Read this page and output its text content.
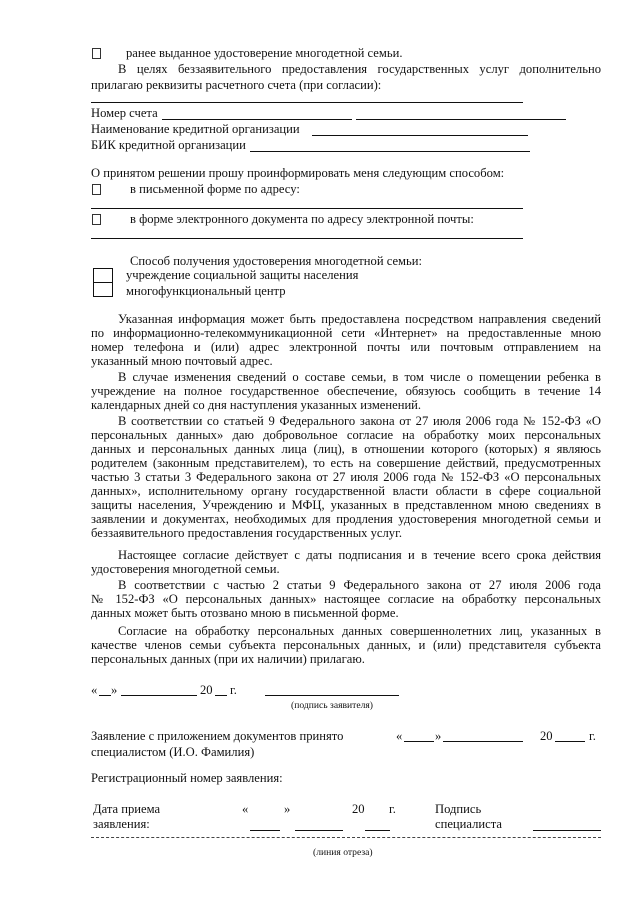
ранее выданное удостоверение многодетной семьи.
В целях беззаявительного предоставления государственных услуг дополнительно
прилагаю реквизиты расчетного счета (при согласии):
Номер счета
Наименование кредитной организации
БИК кредитной организации
О принятом решении прошу проинформировать меня следующим способом:
в письменной форме по адресу:
в форме электронного документа по адресу электронной почты:
Способ получения удостоверения многодетной семьи:
учреждение социальной защиты населения
многофункциональный центр
Указанная информация может быть предоставлена посредством направления сведений
по информационно-телекоммуникационной сети «Интернет» на предоставленные мною
номер телефона и (или) адрес электронной почты или почтовым отправлением на
указанный мною почтовый адрес.
В случае изменения сведений о составе семьи, в том числе о помещении ребенка в
учреждение на полное государственное обеспечение, обязуюсь сообщить в течение 14
календарных дней со дня наступления указанных изменений.
В соответствии со статьей 9 Федерального закона от 27 июля 2006 года № 152-ФЗ «О
персональных данных» даю добровольное согласие на обработку моих персональных
данных и персональных данных лица (лиц), в отношении которого (которых) я являюсь
родителем (законным представителем), то есть на совершение действий, предусмотренных
частью 3 статьи 3 Федерального закона от 27 июля 2006 года № 152-ФЗ «О персональных
данных», исполнительному органу государственной власти области в сфере социальной
защиты населения, Учреждению и МФЦ, указанных в представленном мною сведениях в
заявлении и документах, необходимых для продления удостоверения многодетной семьи и
беззаявительного предоставления государственных услуг.
Настоящее согласие действует с даты подписания и в течение всего срока действия
удостоверения многодетной семьи.
В соответствии с частью 2 статьи 9 Федерального закона от 27 июля 2006 года
№ 152-ФЗ «О персональных данных» настоящее согласие на обработку персональных
данных может быть отозвано мною в письменной форме.
Согласие на обработку персональных данных совершеннолетних лиц, указанных в
качестве членов семьи субъекта персональных данных, и (или) представителя субъекта
персональных данных (при их наличии) прилагаю.
« »	20 г.
(подпись заявителя)
Заявление с приложением документов принято
специалистом (И.О. Фамилия)
«	»	20	г.
Регистрационный номер заявления:
Дата приема
заявления:
«	»	20 г.	Подпись
специалиста
(линия отреза)
